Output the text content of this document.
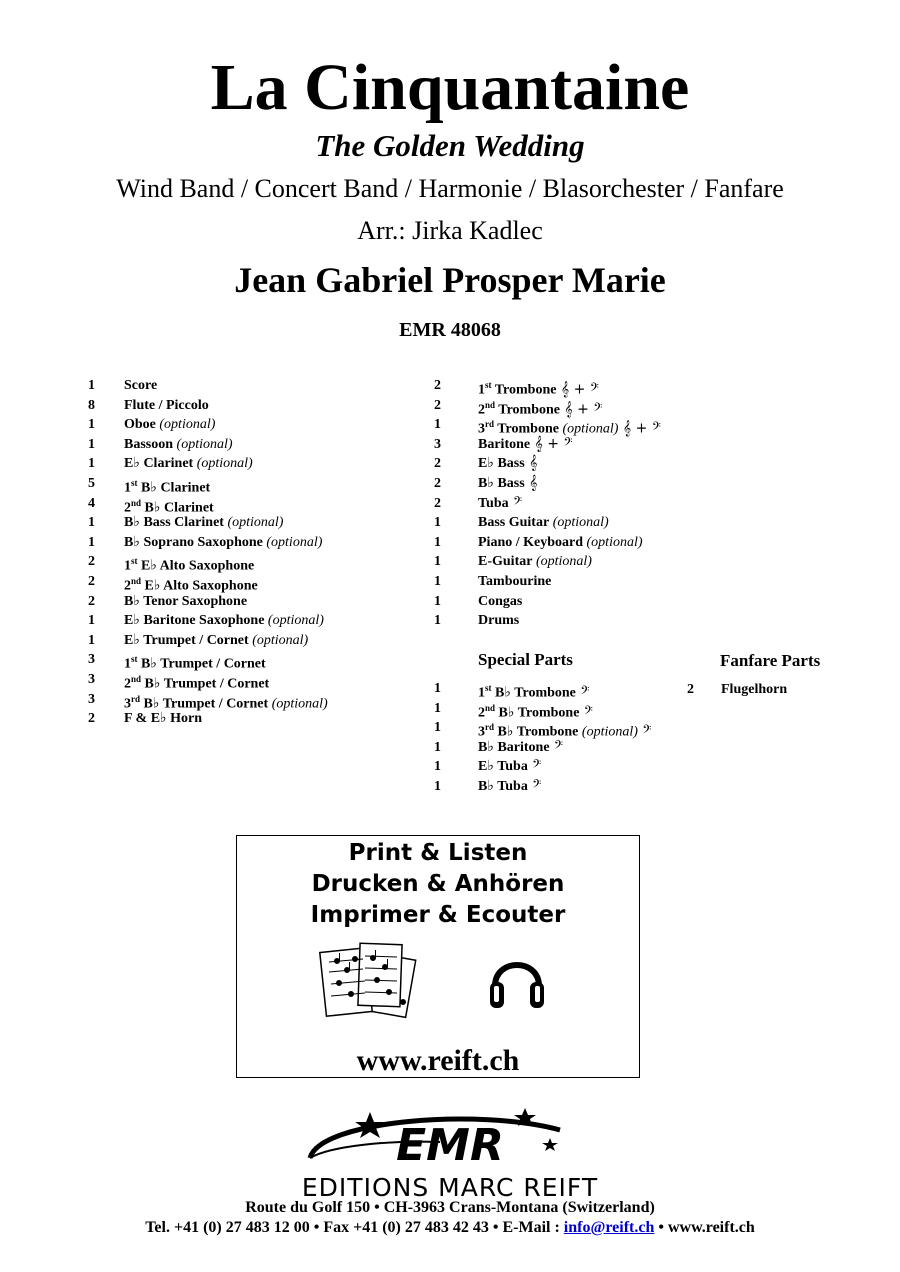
La Cinquantaine
The Golden Wedding
Wind Band / Concert Band / Harmonie / Blasorchester / Fanfare
Arr.: Jirka Kadlec
Jean Gabriel Prosper Marie
EMR 48068
1	Score
8	Flute / Piccolo
1	Oboe (optional)
1	Bassoon (optional)
1	E♭ Clarinet (optional)
5	1st B♭ Clarinet
4	2nd B♭ Clarinet
1	B♭ Bass Clarinet (optional)
1	B♭ Soprano Saxophone (optional)
2	1st E♭ Alto Saxophone
2	2nd E♭ Alto Saxophone
2	B♭ Tenor Saxophone
1	E♭ Baritone Saxophone (optional)
1	E♭ Trumpet / Cornet (optional)
3	1st B♭ Trumpet / Cornet
3	2nd B♭ Trumpet / Cornet
3	3rd B♭ Trumpet / Cornet (optional)
2	F & E♭ Horn
2	1st Trombone 𝄞 + 𝄢
2	2nd Trombone 𝄞 + 𝄢
1	3rd Trombone (optional) 𝄞 + 𝄢
3	Baritone 𝄞 + 𝄢
2	E♭ Bass 𝄞
2	B♭ Bass 𝄞
2	Tuba 𝄢
1	Bass Guitar (optional)
1	Piano / Keyboard (optional)
1	E-Guitar (optional)
1	Tambourine
1	Congas
1	Drums
Special Parts	Fanfare Parts
1	1st B♭ Trombone 𝄢
1	2nd B♭ Trombone 𝄢
1	3rd B♭ Trombone (optional) 𝄢
1	B♭ Baritone 𝄢
1	E♭ Tuba 𝄢
1	B♭ Tuba 𝄢
2	Flugelhorn
Print & Listen
Drucken & Anhören
Imprimer & Ecouter
www.reift.ch
EMR
EDITIONS MARC REIFT
Route du Golf 150 • CH-3963 Crans-Montana (Switzerland)
Tel. +41 (0) 27 483 12 00 • Fax +41 (0) 27 483 42 43 • E-Mail : info@reift.ch • www.reift.ch
